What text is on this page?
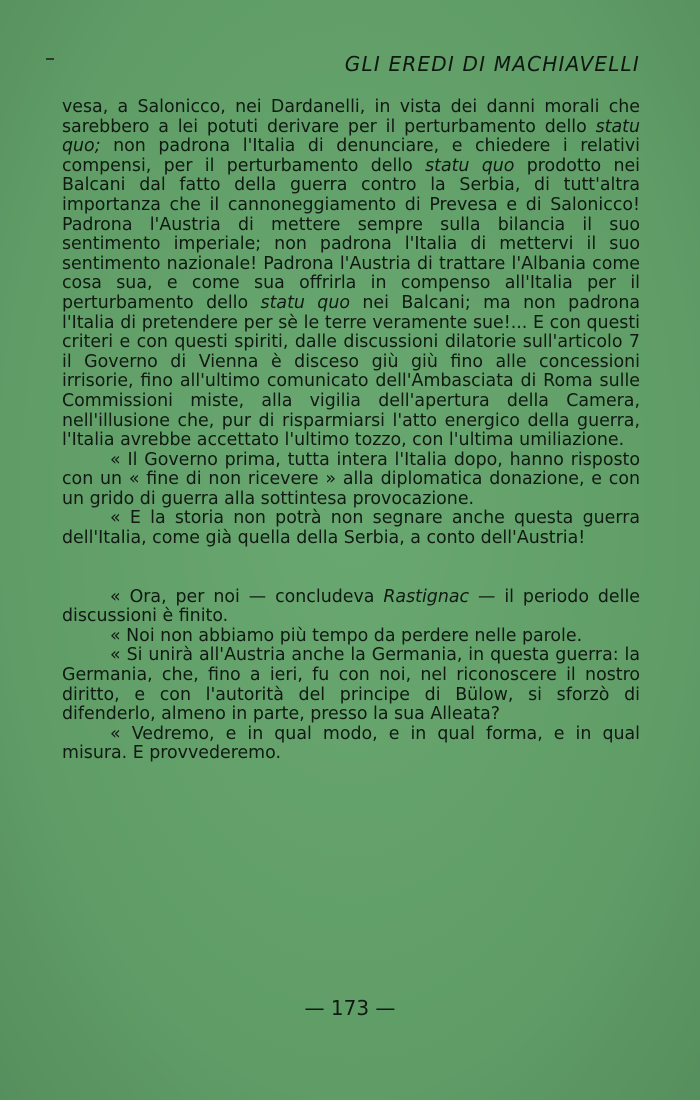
GLI EREDI DI MACHIAVELLI

vesa, a Salonicco, nei Dardanelli, in vista dei danni morali che sarebbero a lei potuti derivare per il perturbamento dello statu quo; non padrona l'Italia di denunciare, e chiedere i relativi compensi, per il perturbamento dello statu quo prodotto nei Balcani dal fatto della guerra contro la Serbia, di tutt'altra importanza che il cannoneggiamento di Prevesa e di Salonicco! Padrona l'Austria di mettere sempre sulla bilancia il suo sentimento imperiale; non padrona l'Italia di mettervi il suo sentimento nazionale! Padrona l'Austria di trattare l'Albania come cosa sua, e come sua offrirla in compenso all'Italia per il perturbamento dello statu quo nei Balcani; ma non padrona l'Italia di pretendere per sè le terre veramente sue!... E con questi criteri e con questi spiriti, dalle discussioni dilatorie sull'articolo 7 il Governo di Vienna è disceso giù giù fino alle concessioni irrisorie, fino all'ultimo comunicato dell'Ambasciata di Roma sulle Commissioni miste, alla vigilia dell'apertura della Camera, nell'illusione che, pur di risparmiarsi l'atto energico della guerra, l'Italia avrebbe accettato l'ultimo tozzo, con l'ultima umiliazione.

« Il Governo prima, tutta intera l'Italia dopo, hanno risposto con un « fine di non ricevere » alla diplomatica donazione, e con un grido di guerra alla sottintesa provocazione.

« E la storia non potrà non segnare anche questa guerra dell'Italia, come già quella della Serbia, a conto dell'Austria!

« Ora, per noi — concludeva Rastignac — il periodo delle discussioni è finito.

« Noi non abbiamo più tempo da perdere nelle parole.

« Si unirà all'Austria anche la Germania, in questa guerra: la Germania, che, fino a ieri, fu con noi, nel riconoscere il nostro diritto, e con l'autorità del principe di Bülow, si sforzò di difenderlo, almeno in parte, presso la sua Alleata?

« Vedremo, e in qual modo, e in qual forma, e in qual misura. E provvederemo.

— 173 —
